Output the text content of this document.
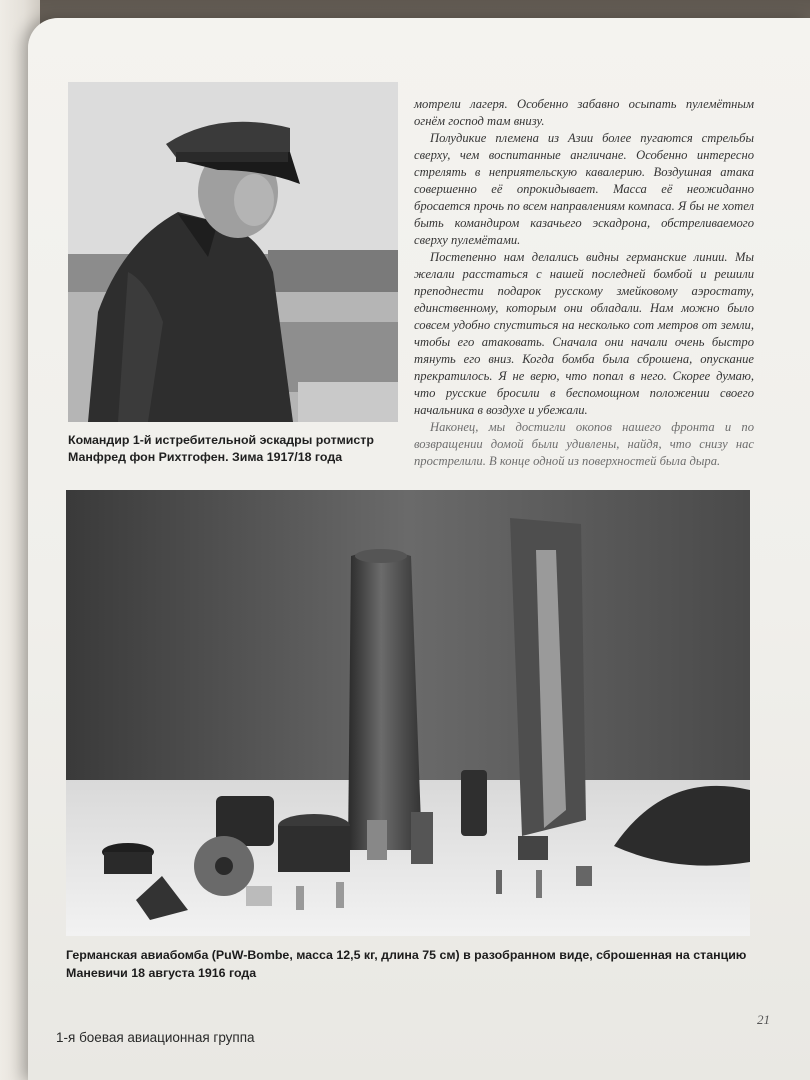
Командир 1-й истребительной эскадры ротмистр Манфред фон Рихтгофен. Зима 1917/18 года

мотрели лагеря. Особенно забавно осыпать пулемётным огнём господ там внизу.

Полудикие племена из Азии более пугаются стрельбы сверху, чем воспитанные англичане. Особенно интересно стрелять в неприятельскую кавалерию. Воздушная атака совершенно её опрокидывает. Масса её неожиданно бросается прочь по всем направлениям компаса. Я бы не хотел быть командиром казачьего эскадрона, обстреливаемого сверху пулемётами.

Постепенно нам делались видны германские линии. Мы желали расстаться с нашей последней бомбой и решили преподнести подарок русскому змейковому аэростату, единственному, которым они обладали. Нам можно было совсем удобно спуститься на несколько сот метров от земли, чтобы его атаковать. Сначала они начали очень быстро тянуть его вниз. Когда бомба была сброшена, опускание прекратилось. Я не верю, что попал в него. Скорее думаю, что русские бросили в беспомощном положении своего начальника в воздухе и убежали.

Наконец, мы достигли окопов нашего фронта и по возвращении домой были удивлены, найдя, что снизу нас прострелили. В конце одной из поверхностей была дыра.

Германская авиабомба (PuW-Bombe, масса 12,5 кг, длина 75 см) в разобранном виде, сброшенная на станцию Маневичи 18 августа 1916 года
21
1-я боевая авиационная группа
